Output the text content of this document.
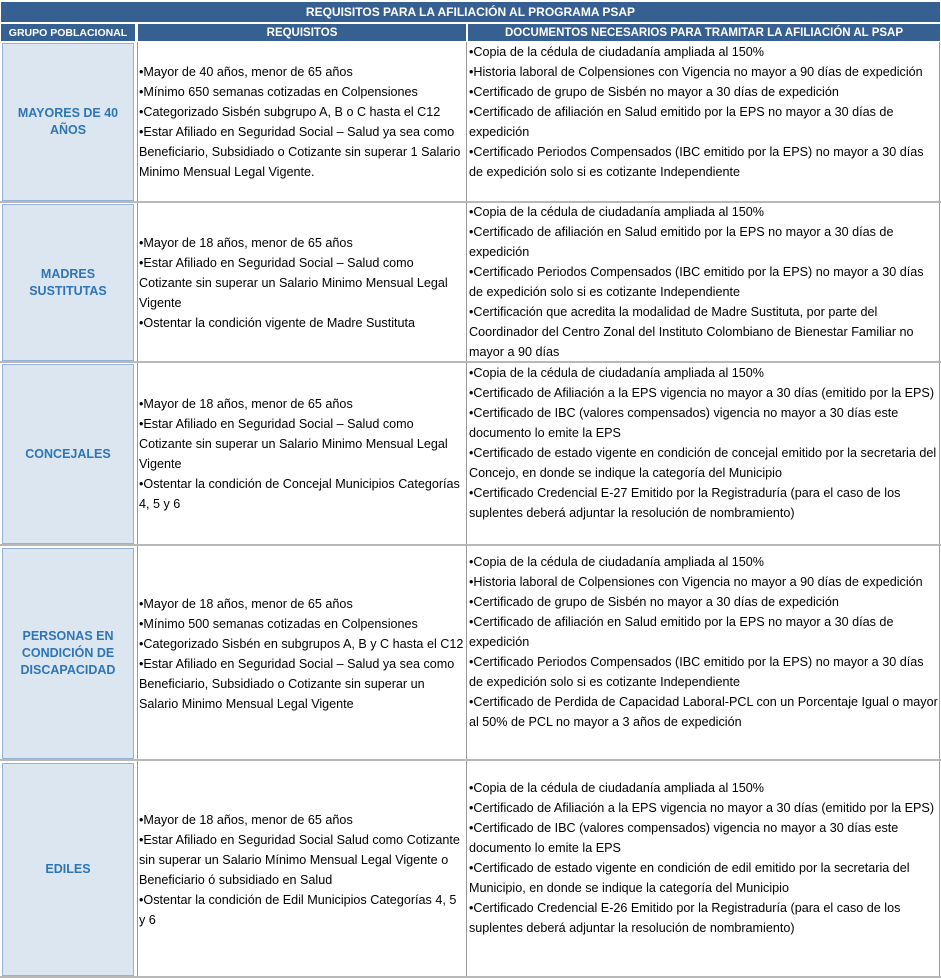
REQUISITOS PARA LA AFILIACIÓN AL PROGRAMA PSAP
GRUPO POBLACIONAL	REQUISITOS	DOCUMENTOS NECESARIOS PARA TRAMITAR LA AFILIACIÓN AL PSAP
MAYORES DE 40 AÑOS

•Mayor de 40 años, menor de 65 años
•Mínimo 650 semanas cotizadas en Colpensiones
•Categorizado Sisbén subgrupo A, B o C hasta el C12
•Estar Afiliado en Seguridad Social – Salud ya sea como Beneficiario, Subsidiado o Cotizante sin superar 1 Salario Minimo Mensual Legal Vigente.

•Copia de la cédula de ciudadanía ampliada al 150%
•Historia laboral de Colpensiones con Vigencia no mayor a 90 días de expedición
•Certificado de grupo de Sisbén no mayor a 30 días de expedición
•Certificado de afiliación en Salud emitido por la EPS no mayor a 30 días de expedición
•Certificado Periodos Compensados (IBC emitido por la EPS) no mayor a 30 días de expedición solo si es cotizante Independiente

MADRES SUSTITUTAS

•Mayor de 18 años, menor de 65 años
•Estar Afiliado en Seguridad Social – Salud como Cotizante sin superar un Salario Minimo Mensual Legal Vigente
•Ostentar la condición vigente de Madre Sustituta

•Copia de la cédula de ciudadanía ampliada al 150%
•Certificado de afiliación en Salud emitido por la EPS no mayor a 30 días de expedición
•Certificado Periodos Compensados (IBC emitido por la EPS) no mayor a 30 días de expedición solo si es cotizante Independiente
•Certificación que acredita la modalidad de Madre Sustituta, por parte del Coordinador del Centro Zonal del Instituto Colombiano de Bienestar Familiar no mayor a 90 días

CONCEJALES

•Mayor de 18 años, menor de 65 años
•Estar Afiliado en Seguridad Social – Salud como Cotizante sin superar un Salario Minimo Mensual Legal Vigente
•Ostentar la condición de Concejal Municipios Categorías 4, 5 y 6

•Copia de la cédula de ciudadanía ampliada al 150%
•Certificado de Afiliación a la EPS vigencia no mayor a 30 días (emitido por la EPS)
•Certificado de IBC (valores compensados) vigencia no mayor a 30 días este documento lo emite la EPS
•Certificado de estado vigente en condición de concejal emitido por la secretaria del Concejo, en donde se indique la categoría del Municipio
•Certificado Credencial E-27 Emitido por la Registraduría (para el caso de los suplentes deberá adjuntar la resolución de nombramiento)

PERSONAS EN CONDICIÓN DE DISCAPACIDAD

•Mayor de 18 años, menor de 65 años
•Mínimo 500 semanas cotizadas en Colpensiones
•Categorizado Sisbén en subgrupos A, B y C hasta el C12
•Estar Afiliado en Seguridad Social – Salud ya sea como Beneficiario, Subsidiado o Cotizante sin superar un Salario Minimo Mensual Legal Vigente

•Copia de la cédula de ciudadanía ampliada al 150%
•Historia laboral de Colpensiones con Vigencia no mayor a 90 días de expedición
•Certificado de grupo de Sisbén no mayor a 30 días de expedición
•Certificado de afiliación en Salud emitido por la EPS no mayor a 30 días de expedición
•Certificado Periodos Compensados (IBC emitido por la EPS) no mayor a 30 días de expedición solo si es cotizante Independiente
•Certificado de Perdida de Capacidad Laboral-PCL con un Porcentaje Igual o mayor al 50% de PCL no mayor a 3 años de expedición

EDILES

•Mayor de 18 años, menor de 65 años
•Estar Afiliado en Seguridad Social Salud como Cotizante sin superar un Salario Mínimo Mensual Legal Vigente o Beneficiario ó subsidiado en Salud
•Ostentar la condición de Edil Municipios Categorías 4, 5 y 6

•Copia de la cédula de ciudadanía ampliada al 150%
•Certificado de Afiliación a la EPS vigencia no mayor a 30 días (emitido por la EPS)
•Certificado de IBC (valores compensados) vigencia no mayor a 30 días este documento lo emite la EPS
•Certificado de estado vigente en condición de edil emitido por la secretaria del Municipio, en donde se indique la categoría del Municipio
•Certificado Credencial E-26 Emitido por la Registraduría (para el caso de los suplentes deberá adjuntar la resolución de nombramiento)
